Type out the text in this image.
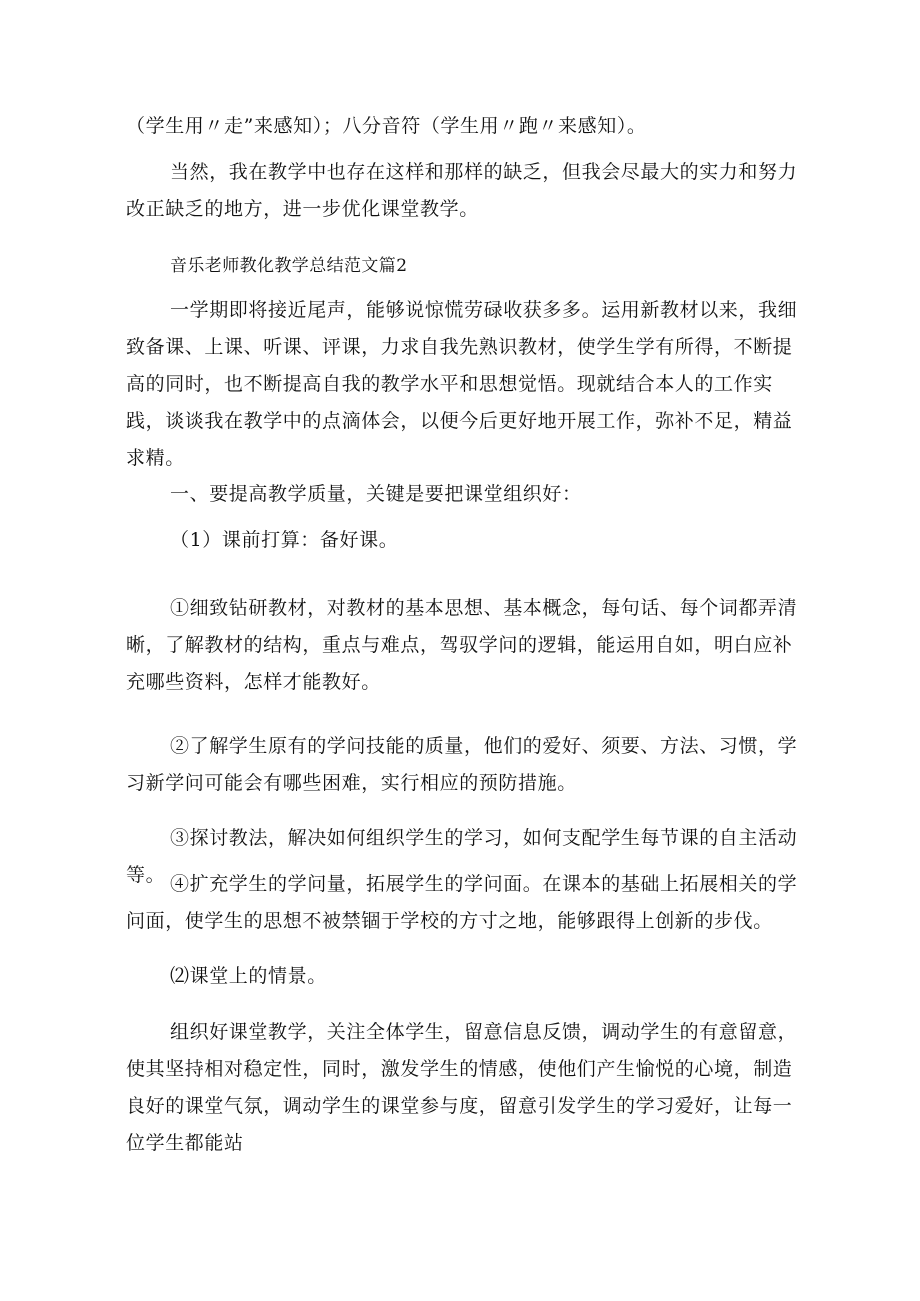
（学生用〃走”来感知）；八分音符（学生用〃跑〃来感知）。

当然，我在教学中也存在这样和那样的缺乏，但我会尽最大的实力和努力改正缺乏的地方，进一步优化课堂教学。

音乐老师教化教学总结范文篇2

一学期即将接近尾声，能够说惊慌劳碌收获多多。运用新教材以来，我细致备课、上课、听课、评课，力求自我先熟识教材，使学生学有所得，不断提高的同时，也不断提高自我的教学水平和思想觉悟。现就结合本人的工作实践，谈谈我在教学中的点滴体会，以便今后更好地开展工作，弥补不足，精益求精。

一、要提高教学质量，关键是要把课堂组织好：

（1）课前打算：备好课。

①细致钻研教材，对教材的基本思想、基本概念，每句话、每个词都弄清晰，了解教材的结构，重点与难点，驾驭学问的逻辑，能运用自如，明白应补充哪些资料，怎样才能教好。

②了解学生原有的学问技能的质量，他们的爱好、须要、方法、习惯，学习新学问可能会有哪些困难，实行相应的预防措施。

③探讨教法，解决如何组织学生的学习，如何支配学生每节课的自主活动等。 ④扩充学生的学问量，拓展学生的学问面。在课本的基础上拓展相关的学问面，使学生的思想不被禁锢于学校的方寸之地，能够跟得上创新的步伐。

⑵课堂上的情景。

组织好课堂教学，关注全体学生，留意信息反馈，调动学生的有意留意，使其坚持相对稳定性，同时，激发学生的情感，使他们产生愉悦的心境，制造良好的课堂气氛，调动学生的课堂参与度，留意引发学生的学习爱好，让每一位学生都能站
